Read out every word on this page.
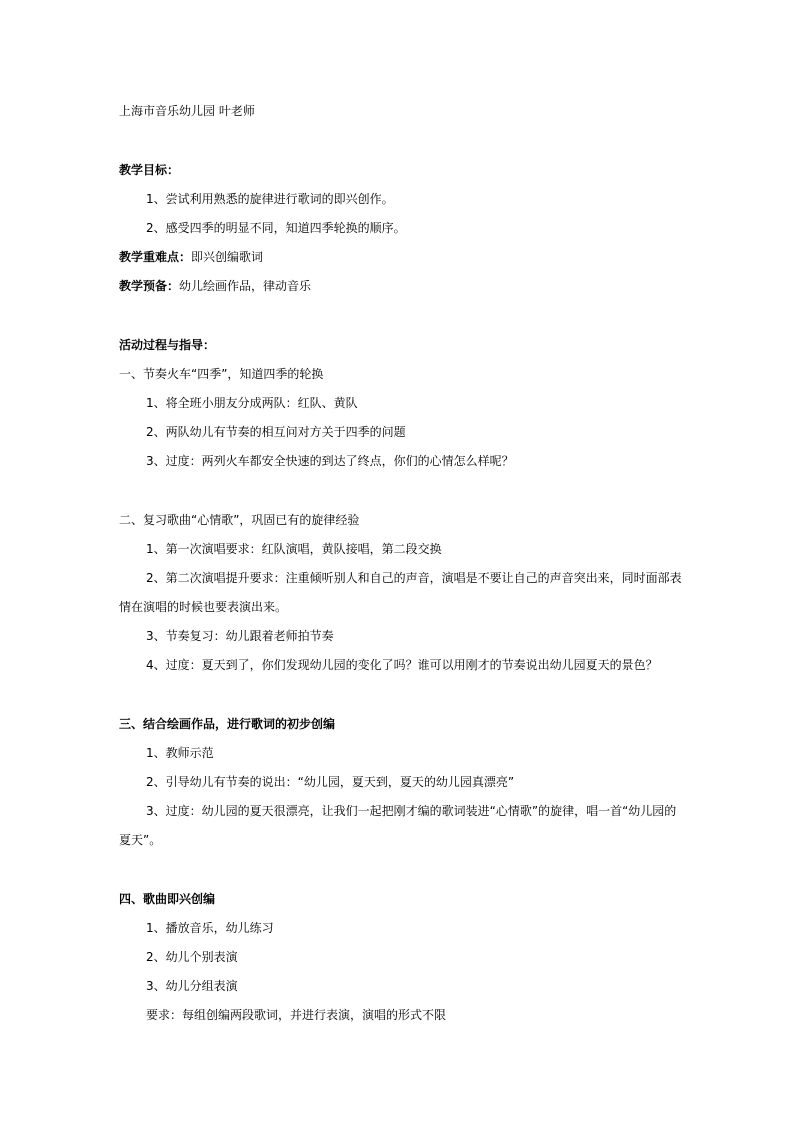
上海市音乐幼儿园 叶老师

教学目标：

1、尝试利用熟悉的旋律进行歌词的即兴创作。

2、感受四季的明显不同，知道四季轮换的顺序。

教学重难点：即兴创编歌词

教学预备：幼儿绘画作品，律动音乐

活动过程与指导：

一、节奏火车“四季”，知道四季的轮换

1、将全班小朋友分成两队：红队、黄队

2、两队幼儿有节奏的相互问对方关于四季的问题

3、过度：两列火车都安全快速的到达了终点，你们的心情怎么样呢？

二、复习歌曲“心情歌”，巩固已有的旋律经验

1、第一次演唱要求：红队演唱，黄队接唱，第二段交换

2、第二次演唱提升要求：注重倾听别人和自己的声音，演唱是不要让自己的声音突出来，同时面部表

情在演唱的时候也要表演出来。

3、节奏复习：幼儿跟着老师拍节奏

4、过度：夏天到了，你们发现幼儿园的变化了吗？谁可以用刚才的节奏说出幼儿园夏天的景色？

三、结合绘画作品，进行歌词的初步创编

1、教师示范

2、引导幼儿有节奏的说出：“幼儿园，夏天到，夏天的幼儿园真漂亮”

3、过度：幼儿园的夏天很漂亮，让我们一起把刚才编的歌词装进“心情歌”的旋律，唱一首“幼儿园的

夏天”。

四、歌曲即兴创编

1、播放音乐，幼儿练习

2、幼儿个别表演

3、幼儿分组表演

要求：每组创编两段歌词，并进行表演，演唱的形式不限
